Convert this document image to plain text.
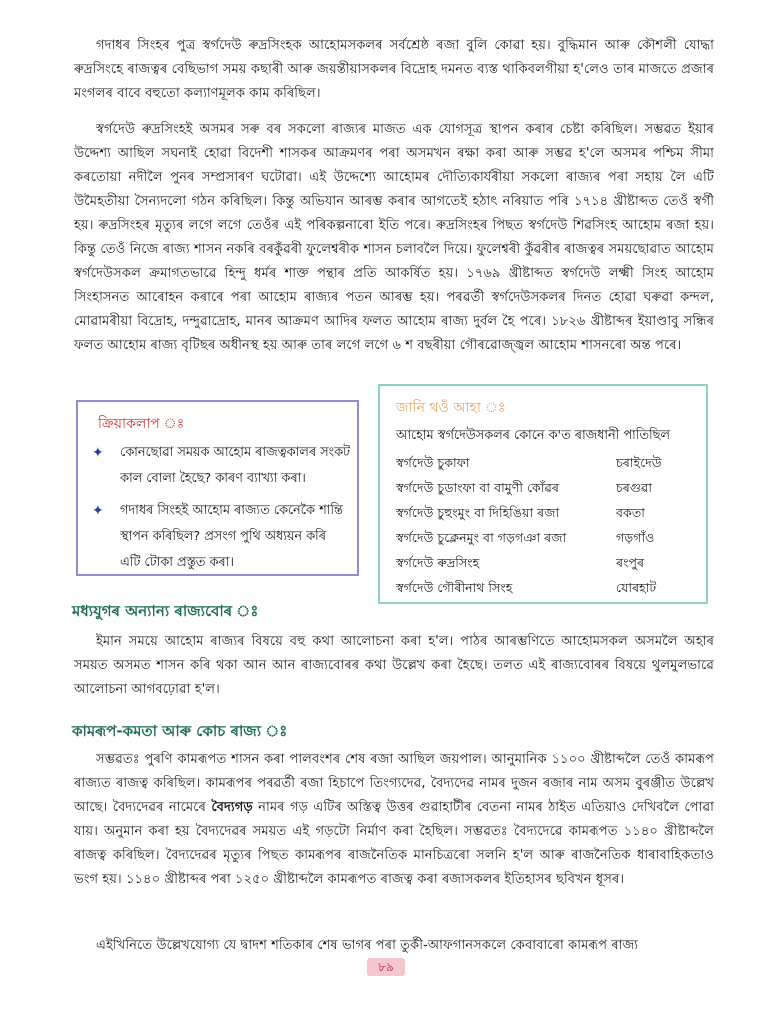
গদাধৰ সিংহৰ পুত্ৰ স্বৰ্গদেউ ৰুদ্ৰসিংহক আহোমসকলৰ সৰ্বশ্ৰেষ্ঠ ৰজা বুলি কোৱা হয়। বুদ্ধিমান আৰু কৌশলী যোদ্ধা ৰুদ্ৰসিংহে ৰাজত্বৰ বেছিভাগ সময় কছাৰী আৰু জয়ন্তীয়াসকলৰ বিদ্ৰোহ দমনত ব্যস্ত থাকিবলগীয়া হ'লেও তাৰ মাজতে প্ৰজাৰ মংগলৰ বাবে বহুতো কল্যাণমূলক কাম কৰিছিল।

স্বৰ্গদেউ ৰুদ্ৰসিংহই অসমৰ সৰু বৰ সকলো ৰাজ্যৰ মাজত এক যোগসূত্ৰ স্থাপন কৰাৰ চেষ্টা কৰিছিল। সম্ভৱত ইয়াৰ উদ্দেশ্য আছিল সঘনাই হোৱা বিদেশী শাসকৰ আক্ৰমণৰ পৰা অসমখন ৰক্ষা কৰা আৰু সম্ভৱ হ'লে অসমৰ পশ্চিম সীমা কৰতোয়া নদীলৈ পুনৰ সম্প্ৰসাৰণ ঘটোৱা। এই উদ্দেশ্যে আহোমৰ দৌত্যিকাৰ্যৰীয়া সকলো ৰাজ্যৰ পৰা সহায় লৈ এটি উমৈহতীয়া সৈন্যদলো গঠন কৰিছিল। কিন্তু অভিযান আৰম্ভ কৰাৰ আগতেই হঠাৎ নৰিয়াত পৰি ১৭১৪ খ্ৰীষ্টাব্দত তেওঁ স্বৰ্গী হয়। ৰুদ্ৰসিংহৰ মৃত্যুৰ লগে লগে তেওঁৰ এই পৰিকল্পনাৰো ইতি পৰে। ৰুদ্ৰসিংহৰ পিছত স্বৰ্গদেউ শিৱসিংহ আহোম ৰজা হয়। কিন্তু তেওঁ নিজে ৰাজ্য শাসন নকৰি বৰকুঁৱৰী ফুলেশ্বৰীক শাসন চলাবলৈ দিয়ে। ফুলেশ্বৰী কুঁৱৰীৰ ৰাজত্বৰ সময়ছোৱাত আহোম স্বৰ্গদেউসকল ক্ৰমাগতভাৱে হিন্দু ধৰ্মৰ শাক্ত পন্থাৰ প্ৰতি আকৰ্ষিত হয়। ১৭৬৯ খ্ৰীষ্টাব্দত স্বৰ্গদেউ লক্ষ্মী সিংহ আহোম সিংহাসনত আৰোহন কৰাৰে পৰা আহোম ৰাজ্যৰ পতন আৰম্ভ হয়। পৰৱৰ্তী স্বৰ্গদেউসকলৰ দিনত হোৱা ঘৰুৱা কন্দল, মোৱামৰীয়া বিদ্ৰোহ, দন্দুৱাদ্ৰোহ, মানৰ আক্ৰমণ আদিৰ ফলত আহোম ৰাজ্য দুৰ্বল হৈ পৰে। ১৮২৬ খ্ৰীষ্টাব্দৰ ইয়াণ্ডাবু সন্ধিৰ ফলত আহোম ৰাজ্য বৃটিছৰ অধীনস্থ হয় আৰু তাৰ লগে লগে ৬ শ বছৰীয়া গৌৰৱোজ্জ্বল আহোম শাসনৰো অন্ত পৰে।

ক্ৰিয়াকলাপ ঃ
✦ কোনছোৱা সময়ক আহোম ৰাজত্বকালৰ সংকট কাল বোলা হৈছে? কাৰণ ব্যাখ্যা কৰা।
✦ গদাধৰ সিংহই আহোম ৰাজ্যত কেনেকৈ শান্তি স্থাপন কৰিছিল? প্ৰসংগ পুথি অধ্যয়ন কৰি এটি টোকা প্ৰস্তুত কৰা।
জানি থওঁ আহা ঃ
আহোম স্বৰ্গদেউসকলৰ কোনে ক'ত ৰাজধানী পাতিছিল
স্বৰ্গদেউ চুকাফা	চৰাইদেউ
স্বৰ্গদেউ চুডাংফা বা বামুণী কোঁৱৰ	চৰগুৱা
স্বৰ্গদেউ চুহুংমুং বা দিহিঙিয়া ৰজা	বকতা
স্বৰ্গদেউ চুক্লেনমুং বা গড়গঞা ৰজা	গড়গাঁও
স্বৰ্গদেউ ৰুদ্ৰসিংহ	ৰংপুৰ
স্বৰ্গদেউ গৌৰীনাথ সিংহ	যোৰহাট
মধ্যযুগৰ অন্যান্য ৰাজ্যবোৰ ঃ

ইমান সময়ে আহোম ৰাজ্যৰ বিষয়ে বহু কথা আলোচনা কৰা হ'ল। পাঠৰ আৰম্ভণিতে আহোমসকল অসমলৈ অহাৰ সময়ত অসমত শাসন কৰি থকা আন আন ৰাজ্যবোৰৰ কথা উল্লেখ কৰা হৈছে। তলত এই ৰাজ্যবোৰৰ বিষয়ে থুলমুলভাৱে আলোচনা আগবঢ়োৱা হ'ল।

কামৰূপ-কমতা আৰু কোচ ৰাজ্য ঃ

সম্ভৱতঃ পুৰণি কামৰূপত শাসন কৰা পালবংশৰ শেষ ৰজা আছিল জয়পাল। আনুমানিক ১১০০ খ্ৰীষ্টাব্দলৈ তেওঁ কামৰূপ ৰাজ্যত ৰাজত্ব কৰিছিল। কামৰূপৰ পৰৱৰ্তী ৰজা হিচাপে তিংগ্যদেৱ, বৈদ্যদেৱ নামৰ দুজন ৰজাৰ নাম অসম বুৰঞ্জীত উল্লেখ আছে। বৈদ্যদেৱৰ নামেৰে বৈদ্যগড় নামৰ গড় এটিৰ অস্তিত্ব উত্তৰ গুৱাহাটীৰ বেতনা নামৰ ঠাইত এতিয়াও দেখিবলৈ পোৱা যায়। অনুমান কৰা হয় বৈদ্যদেৱৰ সময়ত এই গড়টো নিৰ্মাণ কৰা হৈছিল। সম্ভৱতঃ বৈদ্যদেৱে কামৰূপত ১১৪০ খ্ৰীষ্টাব্দলৈ ৰাজত্ব কৰিছিল। বৈদ্যদেৱৰ মৃত্যুৰ পিছত কামৰূপৰ ৰাজনৈতিক মানচিত্ৰৰো সলনি হ'ল আৰু ৰাজনৈতিক ধাৰাবাহিকতাও ভংগ হয়। ১১৪০ খ্ৰীষ্টাব্দৰ পৰা ১২৫০ খ্ৰীষ্টাব্দলৈ কামৰূপত ৰাজত্ব কৰা ৰজাসকলৰ ইতিহাসৰ ছবিখন ধূসৰ।

এইখিনিতে উল্লেখযোগ্য যে দ্বাদশ শতিকাৰ শেষ ভাগৰ পৰা তুৰ্কী-আফগানসকলে কেবাবাৰো কামৰূপ ৰাজ্য

৮৯
